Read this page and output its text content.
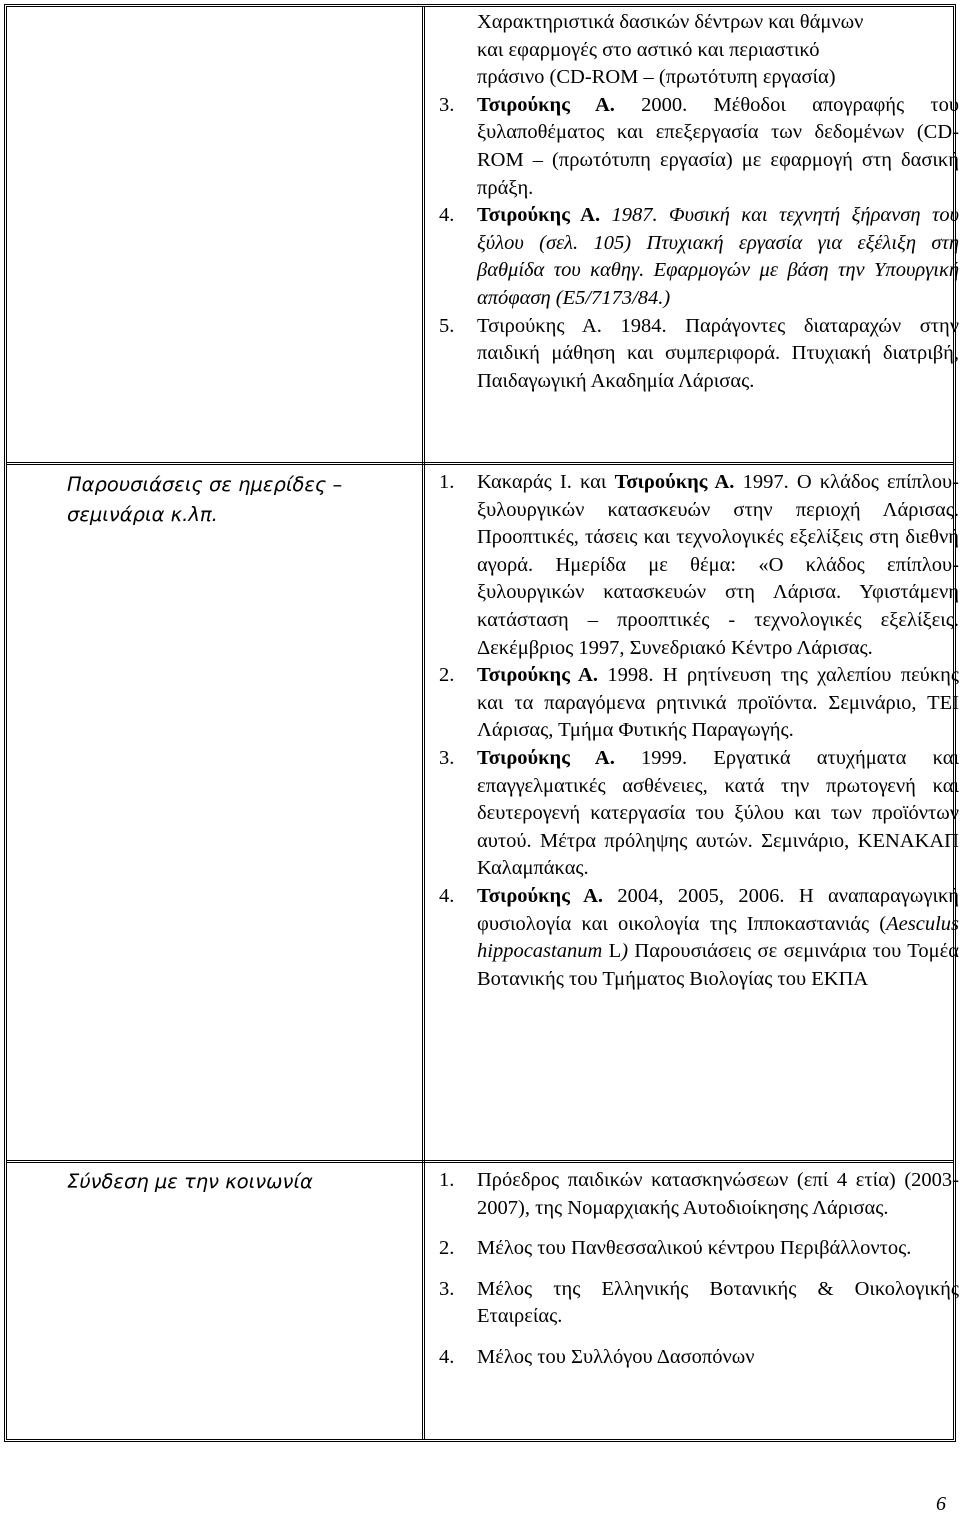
Χαρακτηριστικά δασικών δέντρων και θάμνων

και εφαρμογές στο αστικό και περιαστικό

πράσινο (CD-ROM – (πρωτότυπη εργασία)

3. Τσιρούκης Α. 2000. Μέθοδοι απογραφής του ξυλαποθέματος και επεξεργασία των δεδομένων (CD-ROM – (πρωτότυπη εργασία) με εφαρμογή στη δασική πράξη.
4. Τσιρούκης Α. 1987. Φυσική και τεχνητή ξήρανση του ξύλου (σελ. 105) Πτυχιακή εργασία για εξέλιξη στη βαθμίδα του καθηγ. Εφαρμογών με βάση την Υπουργική απόφαση (Ε5/7173/84.)
5. Τσιρούκης Α. 1984. Παράγοντες διαταραχών στην παιδική μάθηση και συμπεριφορά. Πτυχιακή διατριβή, Παιδαγωγική Ακαδημία Λάρισας.
Παρουσιάσεις σε ημερίδες – σεμινάρια κ.λπ.
1. Κακαράς Ι. και Τσιρούκης Α. 1997. Ο κλάδος επίπλου-ξυλουργικών κατασκευών στην περιοχή Λάρισας. Προοπτικές, τάσεις και τεχνολογικές εξελίξεις στη διεθνή αγορά. Ημερίδα με θέμα: «Ο κλάδος επίπλου-ξυλουργικών κατασκευών στη Λάρισα. Υφιστάμενη κατάσταση – προοπτικές - τεχνολογικές εξελίξεις. Δεκέμβριος 1997, Συνεδριακό Κέντρο Λάρισας.
2. Τσιρούκης Α. 1998. Η ρητίνευση της χαλεπίου πεύκης και τα παραγόμενα ρητινικά προϊόντα. Σεμινάριο, ΤΕΙ Λάρισας, Τμήμα Φυτικής Παραγωγής.
3. Τσιρούκης Α. 1999. Εργατικά ατυχήματα και επαγγελματικές ασθένειες, κατά την πρωτογενή και δευτερογενή κατεργασία του ξύλου και των προϊόντων αυτού. Μέτρα πρόληψης αυτών. Σεμινάριο, ΚΕΝΑΚΑΠ Καλαμπάκας.
4. Τσιρούκης Α. 2004, 2005, 2006. Η αναπαραγωγική φυσιολογία και οικολογία της Ιπποκαστανιάς (Aesculus hippocastanum L) Παρουσιάσεις σε σεμινάρια του Τομέα Βοτανικής του Τμήματος Βιολογίας του ΕΚΠΑ
Σύνδεση με την κοινωνία	1. Πρόεδρος παιδικών κατασκηνώσεων (επί 4 ετία) (2003-2007), της Νομαρχιακής Αυτοδιοίκησης Λάρισας.
2. Μέλος του Πανθεσσαλικού κέντρου Περιβάλλοντος.
3. Μέλος της Ελληνικής Βοτανικής & Οικολογικής Εταιρείας.
4. Μέλος του Συλλόγου Δασοπόνων
6
